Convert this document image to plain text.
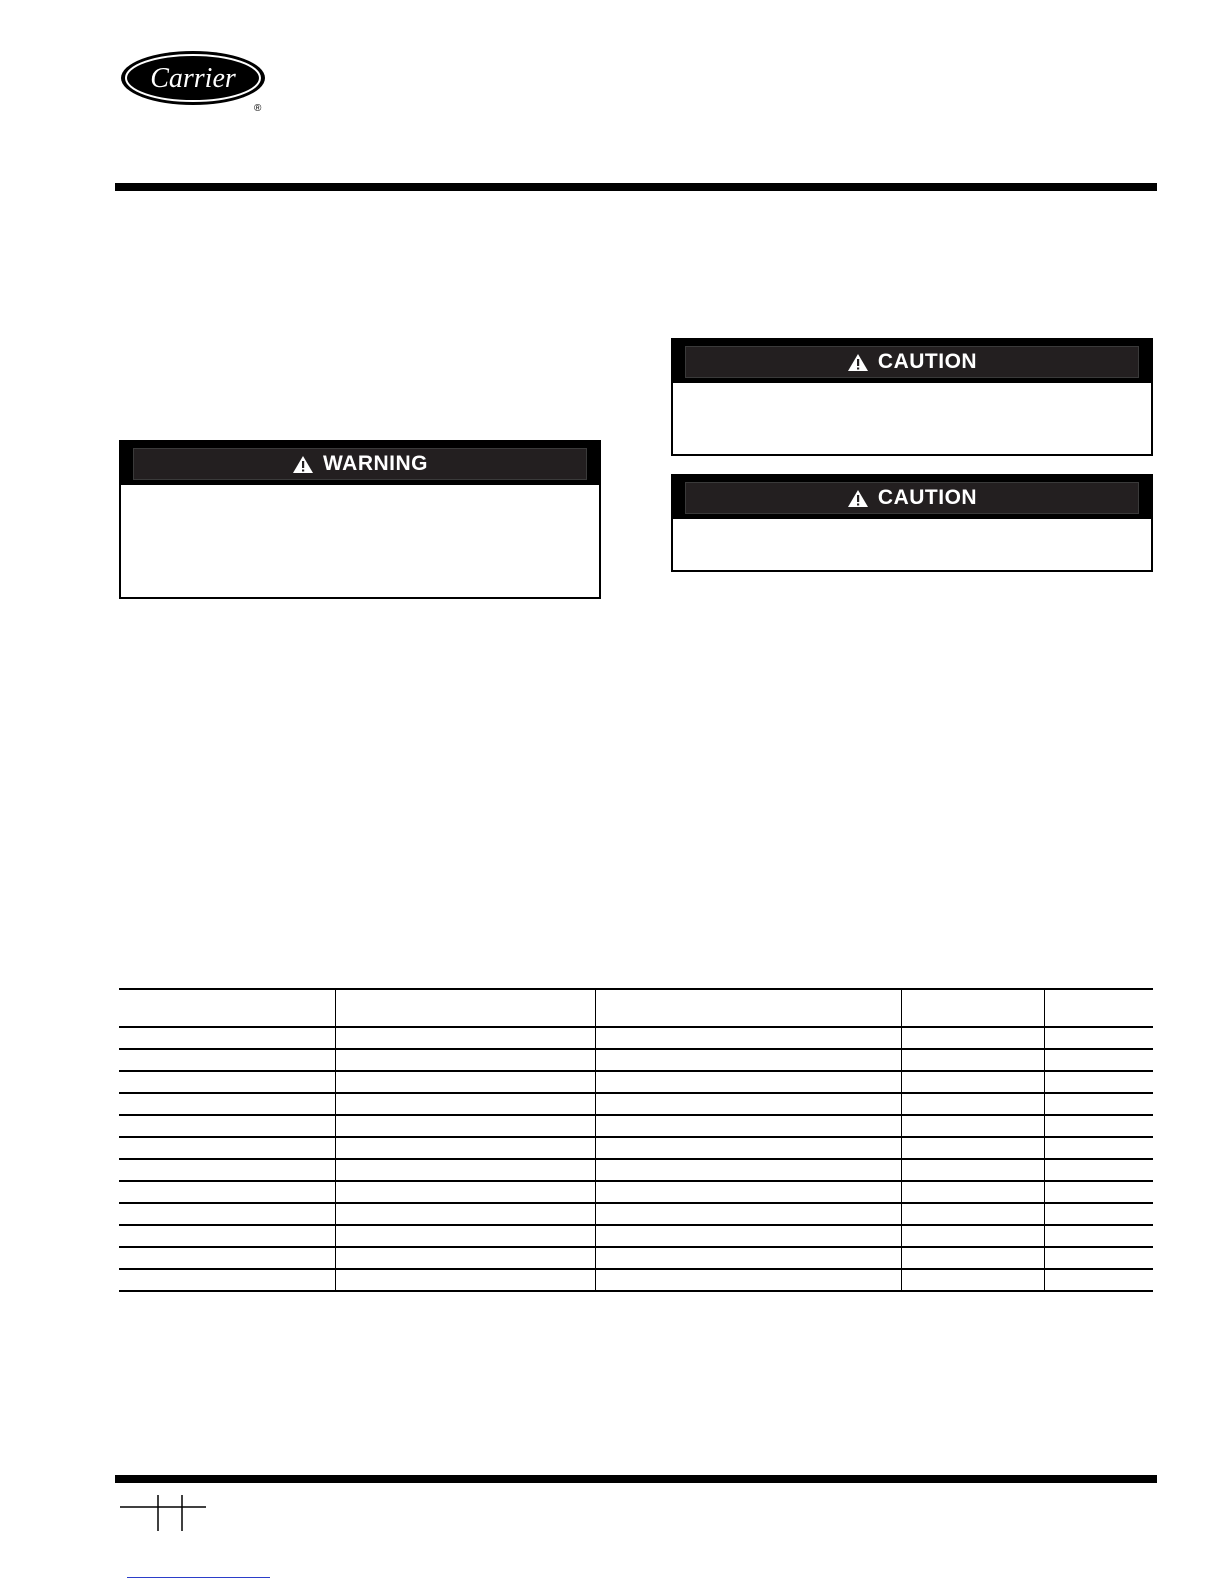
Carrier
®
WARNING
CAUTION
CAUTION
